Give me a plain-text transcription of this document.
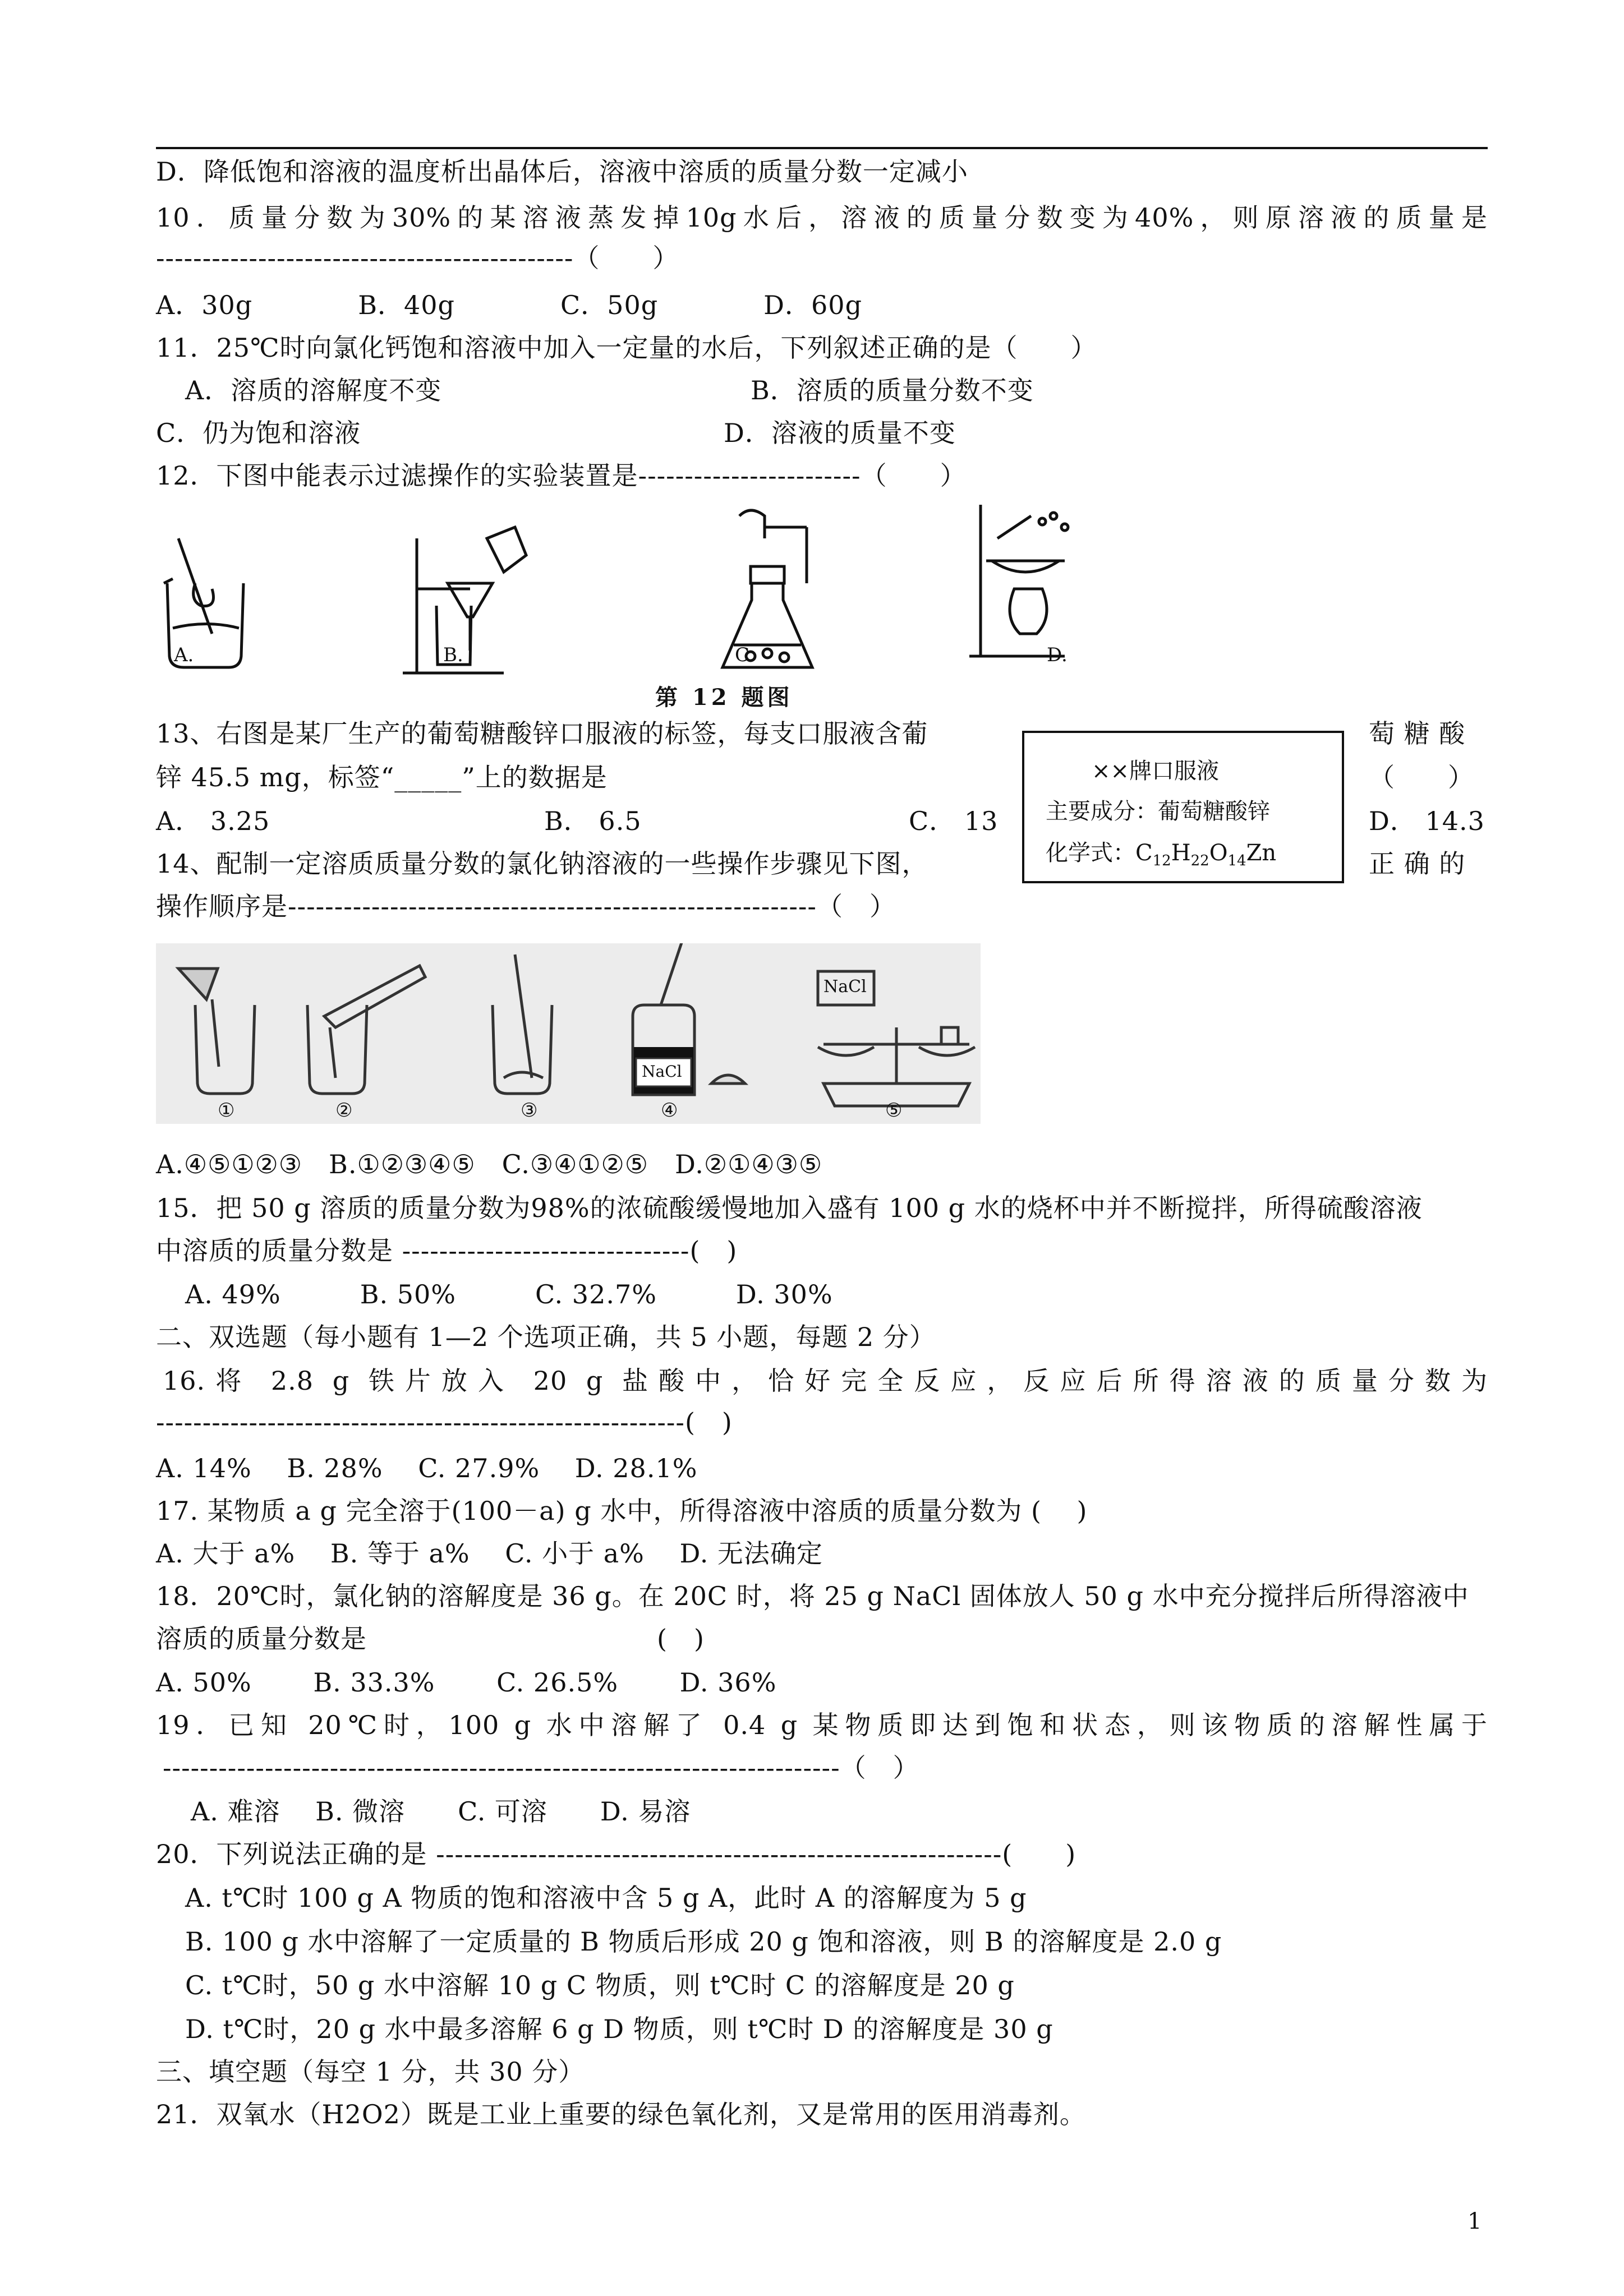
D．降低饱和溶液的温度析出晶体后，溶液中溶质的质量分数一定减小
10．质量分数为30%的某溶液蒸发掉10g水后，溶液的质量分数变为40%，则原溶液的质量是
---------------------------------------------（　　）
A．30g　　　　B．40g　　　　C．50g　　　　D．60g
11．25℃时向氯化钙饱和溶液中加入一定量的水后，下列叙述正确的是（　　）
A．溶质的溶解度不变	B．溶质的质量分数不变
C．仍为饱和溶液	D．溶液的质量不变
12．下图中能表示过滤操作的实验装置是------------------------（　　）
A.	B.	C.	D.
第 12 题图
13、右图是某厂生产的葡萄糖酸锌口服液的标签，每支口服液含葡	萄 糖 酸
锌 45.5 mg，标签“_____”上的数据是	（　　）
A． 3.25	B． 6.5	C． 13	D． 14.3
××牌口服液
主要成分：葡萄糖酸锌
化学式：$C_{12}H_{22}O_{14}Zn$
14、配制一定溶质质量分数的氯化钠溶液的一些操作步骤见下图，	正 确 的
操作顺序是---------------------------------------------------------（　）
NaCl
NaCl
①	②	③	④	⑤
A.④⑤①②③　B.①②③④⑤　C.③④①②⑤　D.②①④③⑤
15．把 50 g 溶质的质量分数为98%的浓硫酸缓慢地加入盛有 100 g 水的烧杯中并不断搅拌，所得硫酸溶液
中溶质的质量分数是 -------------------------------(　)
A. 49%　　　B. 50%　　　C. 32.7%　　　D. 30%
二、双选题（每小题有 1—2 个选项正确，共 5 小题，每题 2 分）
16.将 2.8 g 铁片放入 20 g 盐酸中，恰好完全反应，反应后所得溶液的质量分数为
---------------------------------------------------------(　)
A. 14%　 B. 28%　 C. 27.9%　 D. 28.1%
17. 某物质 a g 完全溶于(100－a) g 水中，所得溶液中溶质的质量分数为 (　 )
A. 大于 a%　 B. 等于 a%　 C. 小于 a%　 D. 无法确定
18．20℃时，氯化钠的溶解度是 36 g。在 20C 时，将 25 g NaCl 固体放人 50 g 水中充分搅拌后所得溶液中
溶质的质量分数是　　　　　　　　　　　(　)
A. 50%　　 B. 33.3%　　 C. 26.5%　　 D. 36%
19．已知 20℃时，100 g 水中溶解了 0.4 g 某物质即达到饱和状态，则该物质的溶解性属于
-------------------------------------------------------------------------（　）
A. 难溶　 B. 微溶　　C. 可溶　　D. 易溶
20．下列说法正确的是 -------------------------------------------------------------(　　)
A. t℃时 100 g A 物质的饱和溶液中含 5 g A，此时 A 的溶解度为 5 g
B. 100 g 水中溶解了一定质量的 B 物质后形成 20 g 饱和溶液，则 B 的溶解度是 2.0 g
C. t℃时，50 g 水中溶解 10 g C 物质，则 t℃时 C 的溶解度是 20 g
D. t℃时，20 g 水中最多溶解 6 g D 物质，则 t℃时 D 的溶解度是 30 g
三、填空题（每空 1 分，共 30 分）
21．双氧水（H2O2）既是工业上重要的绿色氧化剂，又是常用的医用消毒剂。
1
